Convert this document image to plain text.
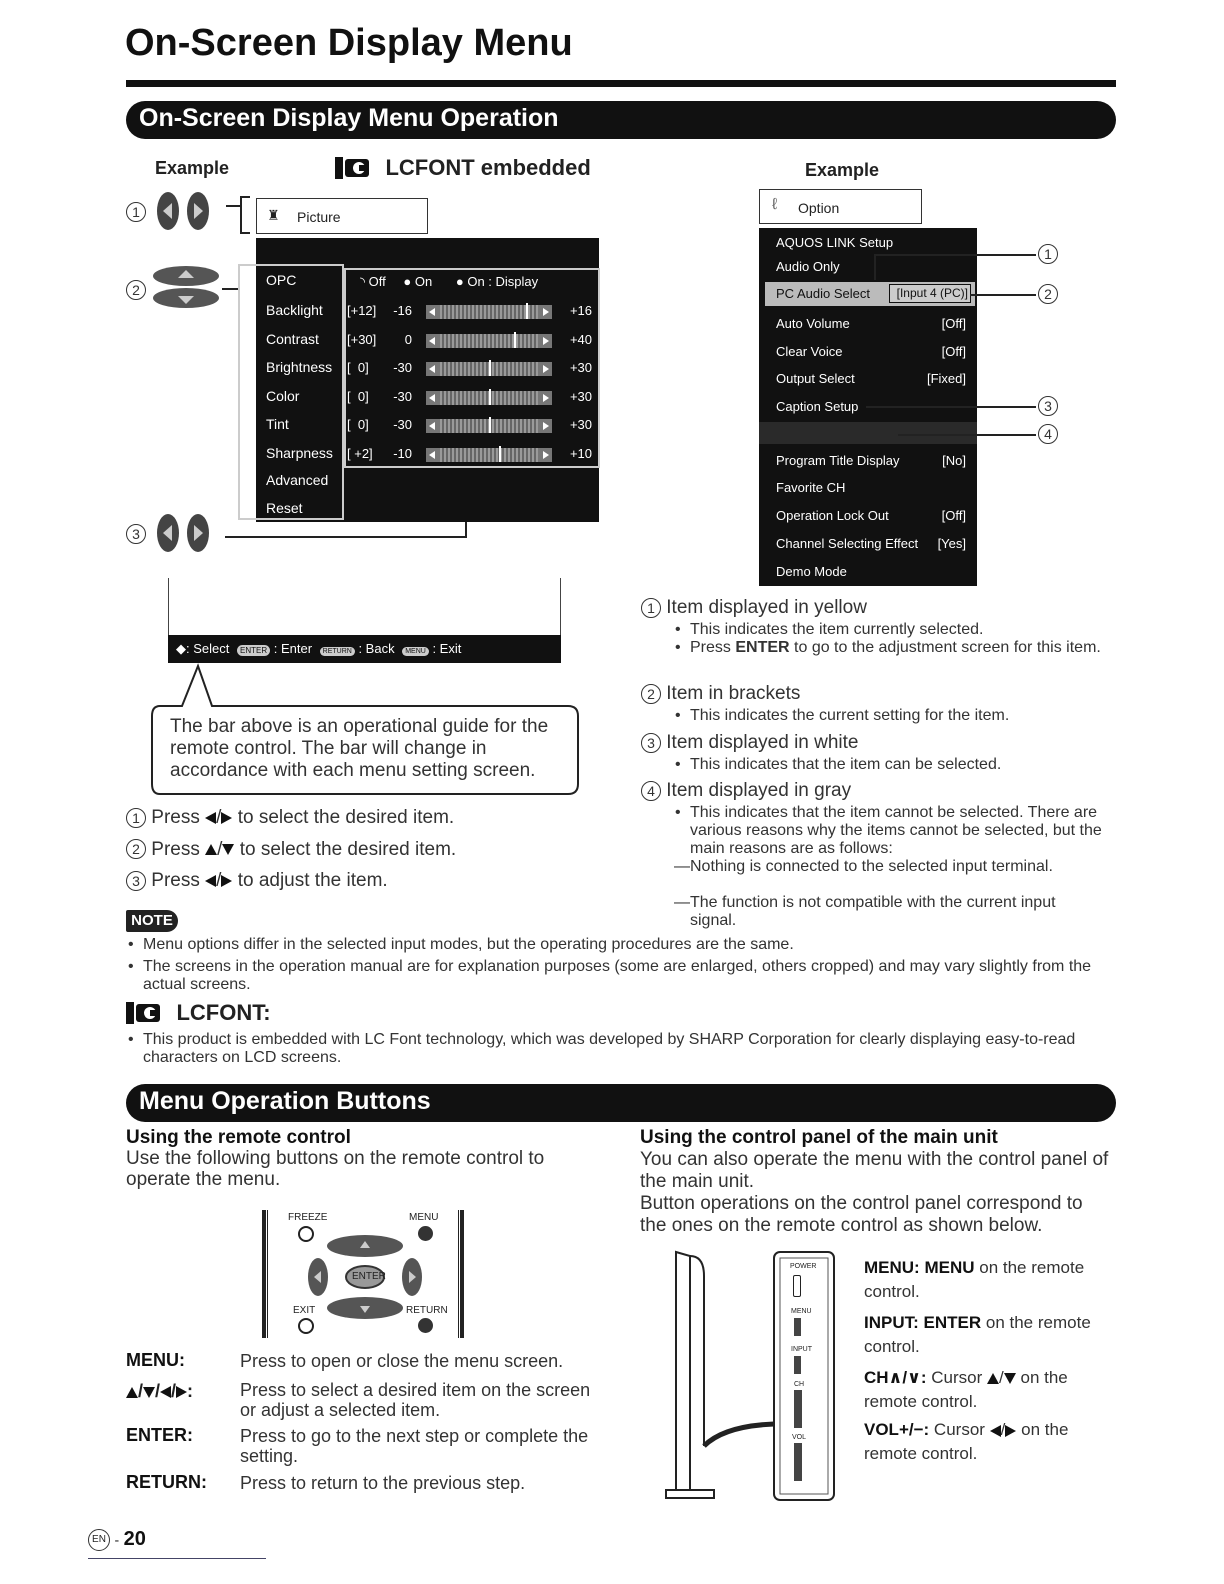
On-Screen Display Menu
On-Screen Display Menu Operation
Example	LCFONT embedded	Example
1
2
3
♜ Picture
OPC	◝ Off ● On ● On : Display
Backlight [+12]	-16	+16
Contrast [+30]	0	+40
Brightness [  0]	-30	+30
Color	[  0]	-30	+30
Tint	[  0]	-30	+30
Sharpness [ +2]	-10	+10
Advanced
Reset
◆: Select ENTER : Enter RETURN : Back MENU : Exit
The bar above is an operational guide for the remote control. The bar will change in accordance with each menu setting screen.
1 Press / to select the desired item.
2 Press / to select the desired item.
3 Press / to adjust the item.
ℓ Option
AQUOS LINK Setup
Audio Only
PC Audio Select [Input 4 (PC)]
Auto Volume	[Off]
Clear Voice	[Off]
Output Select	[Fixed]
Caption Setup
Program Title Display	[No]
Favorite CH
Operation Lock Out	[Off]
Channel Selecting Effect [Yes]
Demo Mode
1
2
3
4
1 Item displayed in yellow
• This indicates the item currently selected.
• Press ENTER to go to the adjustment screen for this item.
2 Item in brackets
• This indicates the current setting for the item.
3 Item displayed in white
• This indicates that the item can be selected.
4 Item displayed in gray
• This indicates that the item cannot be selected. There are various reasons why the items cannot be selected, but the main reasons are as follows:
—Nothing is connected to the selected input terminal.
—The function is not compatible with the current input signal.
NOTE
• Menu options differ in the selected input modes, but the operating procedures are the same.
• The screens in the operation manual are for explanation purposes (some are enlarged, others cropped) and may vary slightly from the actual screens.
LCFONT:
• This product is embedded with LC Font technology, which was developed by SHARP Corporation for clearly displaying easy-to-read characters on LCD screens.
Menu Operation Buttons
Using the remote control
Use the following buttons on the remote control to operate the menu.
FREEZE	MENU
ENTER
EXIT	RETURN
MENU:	Press to open or close the menu screen.
/ / / :	Press to select a desired item on the screen or adjust a selected item.
ENTER:	Press to go to the next step or complete the setting.
RETURN: Press to return to the previous step.
Using the control panel of the main unit
You can also operate the menu with the control panel of the main unit.
Button operations on the control panel correspond to the ones on the remote control as shown below.
POWER
MENU
INPUT
CH
VOL
MENU: MENU on the remote control.
INPUT: ENTER on the remote control.
CH∧/∨: Cursor / on the remote control.
VOL+/−: Cursor / on the remote control.
EN - 20
